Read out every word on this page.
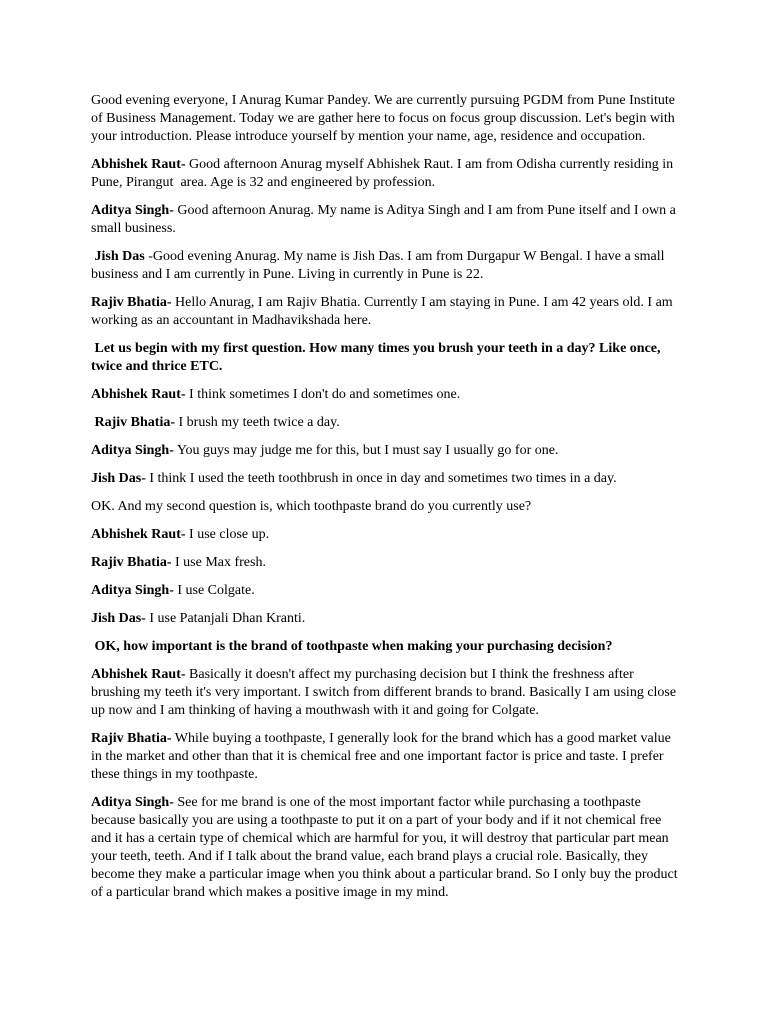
Good evening everyone, I Anurag Kumar Pandey. We are currently pursuing PGDM from Pune Institute of Business Management. Today we are gather here to focus on focus group discussion. Let's begin with your introduction. Please introduce yourself by mention your name, age, residence and occupation.

Abhishek Raut- Good afternoon Anurag myself Abhishek Raut. I am from Odisha currently residing in Pune, Pirangut  area. Age is 32 and engineered by profession.

Aditya Singh- Good afternoon Anurag. My name is Aditya Singh and I am from Pune itself and I own a small business.

Jish Das -Good evening Anurag. My name is Jish Das. I am from Durgapur W Bengal. I have a small business and I am currently in Pune. Living in currently in Pune is 22.

Rajiv Bhatia- Hello Anurag, I am Rajiv Bhatia. Currently I am staying in Pune. I am 42 years old. I am working as an accountant in Madhavikshada here.

Let us begin with my first question. How many times you brush your teeth in a day? Like once, twice and thrice ETC.

Abhishek Raut- I think sometimes I don't do and sometimes one.

Rajiv Bhatia- I brush my teeth twice a day.

Aditya Singh- You guys may judge me for this, but I must say I usually go for one.

Jish Das- I think I used the teeth toothbrush in once in day and sometimes two times in a day.

OK. And my second question is, which toothpaste brand do you currently use?

Abhishek Raut- I use close up.

Rajiv Bhatia- I use Max fresh.

Aditya Singh- I use Colgate.

Jish Das- I use Patanjali Dhan Kranti.

OK, how important is the brand of toothpaste when making your purchasing decision?

Abhishek Raut- Basically it doesn't affect my purchasing decision but I think the freshness after brushing my teeth it's very important. I switch from different brands to brand. Basically I am using close up now and I am thinking of having a mouthwash with it and going for Colgate.

Rajiv Bhatia- While buying a toothpaste, I generally look for the brand which has a good market value in the market and other than that it is chemical free and one important factor is price and taste. I prefer these things in my toothpaste.

Aditya Singh- See for me brand is one of the most important factor while purchasing a toothpaste because basically you are using a toothpaste to put it on a part of your body and if it not chemical free and it has a certain type of chemical which are harmful for you, it will destroy that particular part mean your teeth, teeth. And if I talk about the brand value, each brand plays a crucial role. Basically, they become they make a particular image when you think about a particular brand. So I only buy the product of a particular brand which makes a positive image in my mind.
